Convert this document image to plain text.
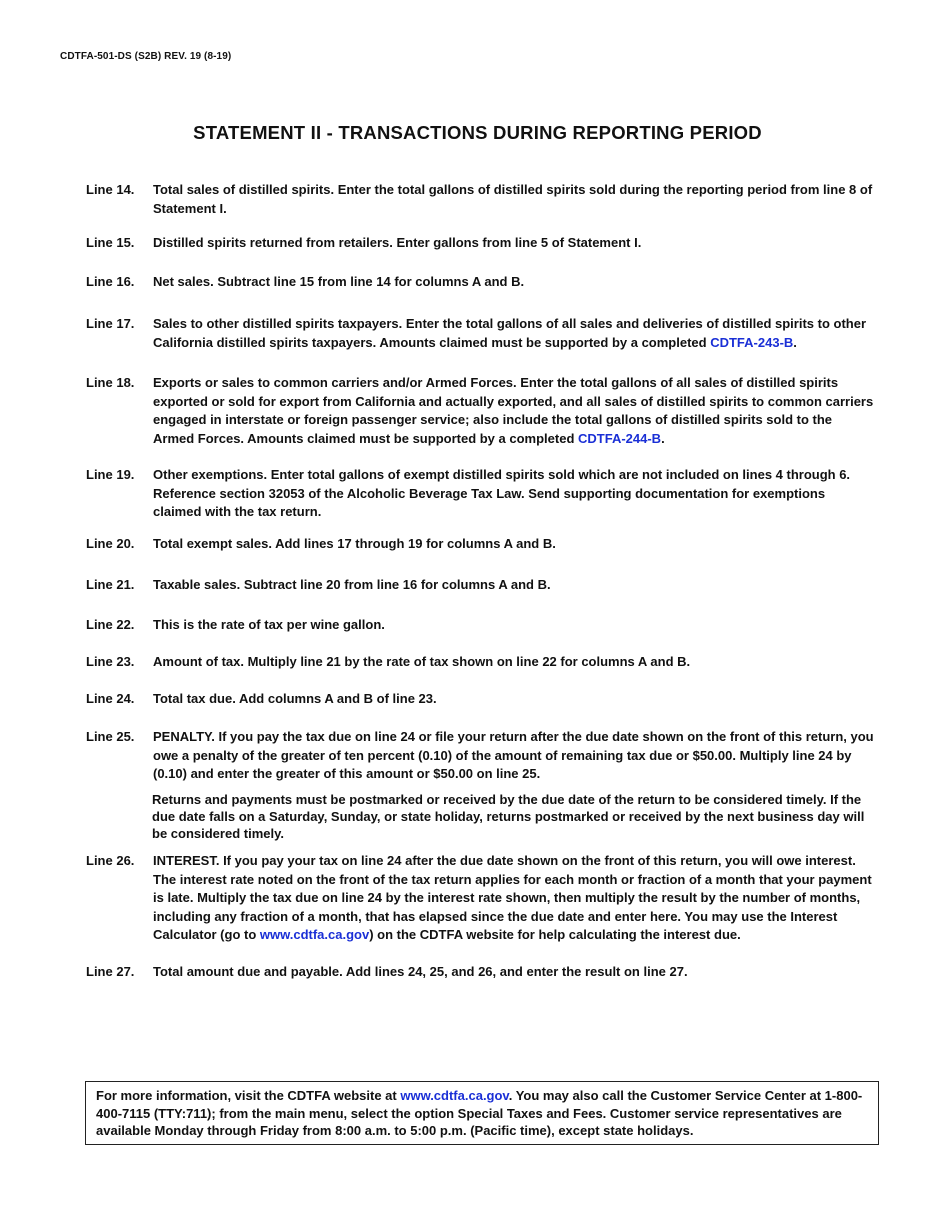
CDTFA-501-DS (S2B) REV. 19 (8-19)
STATEMENT II - TRANSACTIONS DURING REPORTING PERIOD
Line 14. Total sales of distilled spirits. Enter the total gallons of distilled spirits sold during the reporting period from line 8 of Statement I.
Line 15. Distilled spirits returned from retailers. Enter gallons from line 5 of Statement I.
Line 16. Net sales. Subtract line 15 from line 14 for columns A and B.
Line 17. Sales to other distilled spirits taxpayers. Enter the total gallons of all sales and deliveries of distilled spirits to other California distilled spirits taxpayers. Amounts claimed must be supported by a completed CDTFA-243-B.
Line 18. Exports or sales to common carriers and/or Armed Forces. Enter the total gallons of all sales of distilled spirits exported or sold for export from California and actually exported, and all sales of distilled spirits to common carriers engaged in interstate or foreign passenger service; also include the total gallons of distilled spirits sold to the Armed Forces. Amounts claimed must be supported by a completed CDTFA-244-B.
Line 19. Other exemptions. Enter total gallons of exempt distilled spirits sold which are not included on lines 4 through 6. Reference section 32053 of the Alcoholic Beverage Tax Law. Send supporting documentation for exemptions claimed with the tax return.
Line 20. Total exempt sales. Add lines 17 through 19 for columns A and B.
Line 21. Taxable sales. Subtract line 20 from line 16 for columns A and B.
Line 22. This is the rate of tax per wine gallon.
Line 23. Amount of tax. Multiply line 21 by the rate of tax shown on line 22 for columns A and B.
Line 24. Total tax due. Add columns A and B of line 23.
Line 25. PENALTY. If you pay the tax due on line 24 or file your return after the due date shown on the front of this return, you owe a penalty of the greater of ten percent (0.10) of the amount of remaining tax due or $50.00. Multiply line 24 by (0.10) and enter the greater of this amount or $50.00 on line 25.
Returns and payments must be postmarked or received by the due date of the return to be considered timely. If the due date falls on a Saturday, Sunday, or state holiday, returns postmarked or received by the next business day will be considered timely.
Line 26. INTEREST. If you pay your tax on line 24 after the due date shown on the front of this return, you will owe interest. The interest rate noted on the front of the tax return applies for each month or fraction of a month that your payment is late. Multiply the tax due on line 24 by the interest rate shown, then multiply the result by the number of months, including any fraction of a month, that has elapsed since the due date and enter here. You may use the Interest Calculator (go to www.cdtfa.ca.gov) on the CDTFA website for help calculating the interest due.
Line 27. Total amount due and payable. Add lines 24, 25, and 26, and enter the result on line 27.
For more information, visit the CDTFA website at www.cdtfa.ca.gov. You may also call the Customer Service Center at 1-800-400-7115 (TTY:711); from the main menu, select the option Special Taxes and Fees. Customer service representatives are available Monday through Friday from 8:00 a.m. to 5:00 p.m. (Pacific time), except state holidays.
